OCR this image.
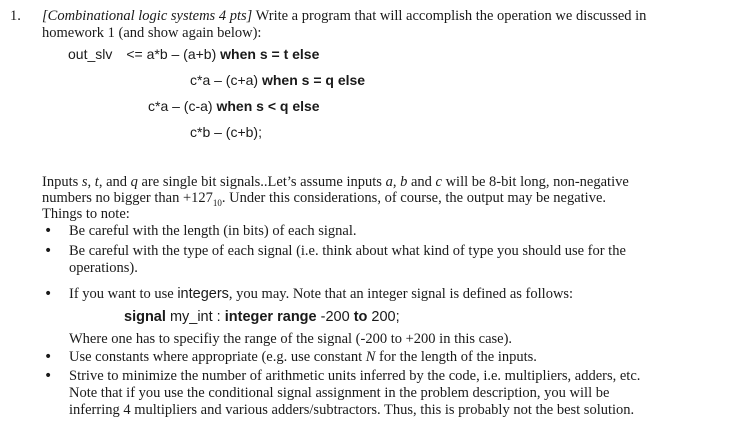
1. [Combinational logic systems 4 pts] Write a program that will accomplish the operation we discussed in
homework 1 (and show again below):
out_slv <= a*b – (a+b) when s = t else
c*a – (c+a) when s = q else
c*a – (c-a) when s < q else
c*b – (c+b);
Inputs s, t, and q are single bit signals..Let’s assume inputs a, b and c will be 8-bit long, non-negative
numbers no bigger than $+127_{10}$. Under this considerations, of course, the output may be negative.
Things to note:
• Be careful with the length (in bits) of each signal.
• Be careful with the type of each signal (i.e. think about what kind of type you should use for the
operations).
• If you want to use integers, you may. Note that an integer signal is defined as follows:
signal my_int : integer range -200 to 200;
Where one has to specifiy the range of the signal (-200 to +200 in this case).
• Use constants where appropriate (e.g. use constant N for the length of the inputs.
• Strive to minimize the number of arithmetic units inferred by the code, i.e. multipliers, adders, etc.
Note that if you use the conditional signal assignment in the problem description, you will be
inferring 4 multipliers and various adders/subtractors. Thus, this is probably not the best solution.
